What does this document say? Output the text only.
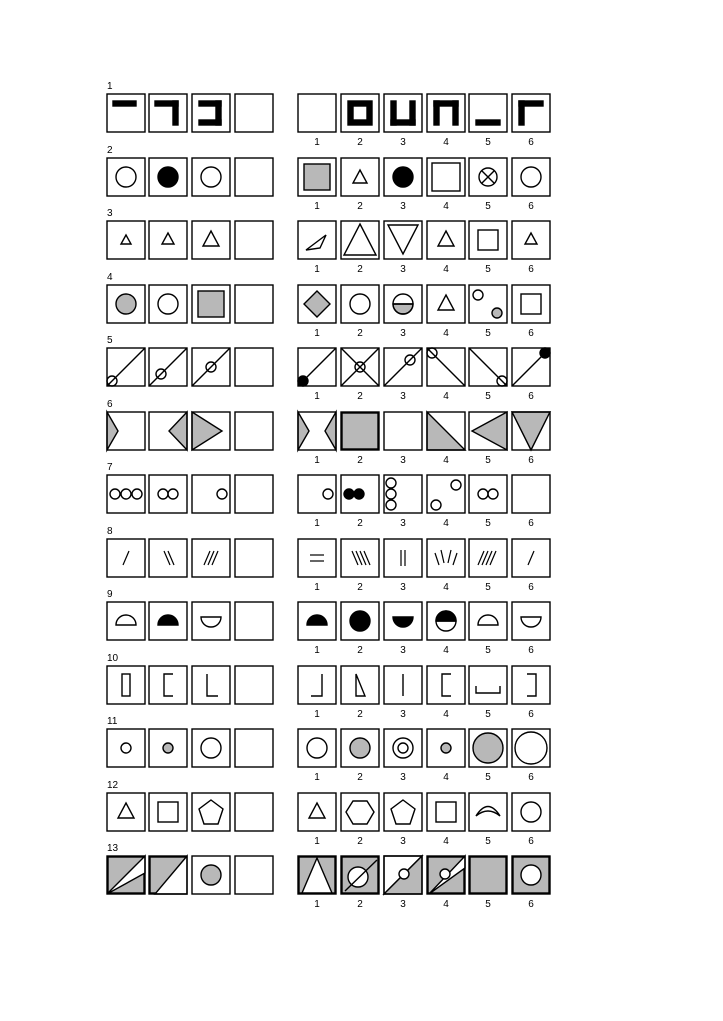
1
1	2	3	4	5	6
2
1	2	3	4	5	6
3
1	2	3	4	5	6
4
1	2	3	4	5	6
5
1	2	3	4	5	6
6
1	2	3	4	5	6
7
1	2	3	4	5	6
8
1	2	3	4	5	6
9
1	2	3	4	5	6
10
1	2	3	4	5	6
11
1	2	3	4	5	6
12
1	2	3	4	5	6
13
1	2	3	4	5	6
